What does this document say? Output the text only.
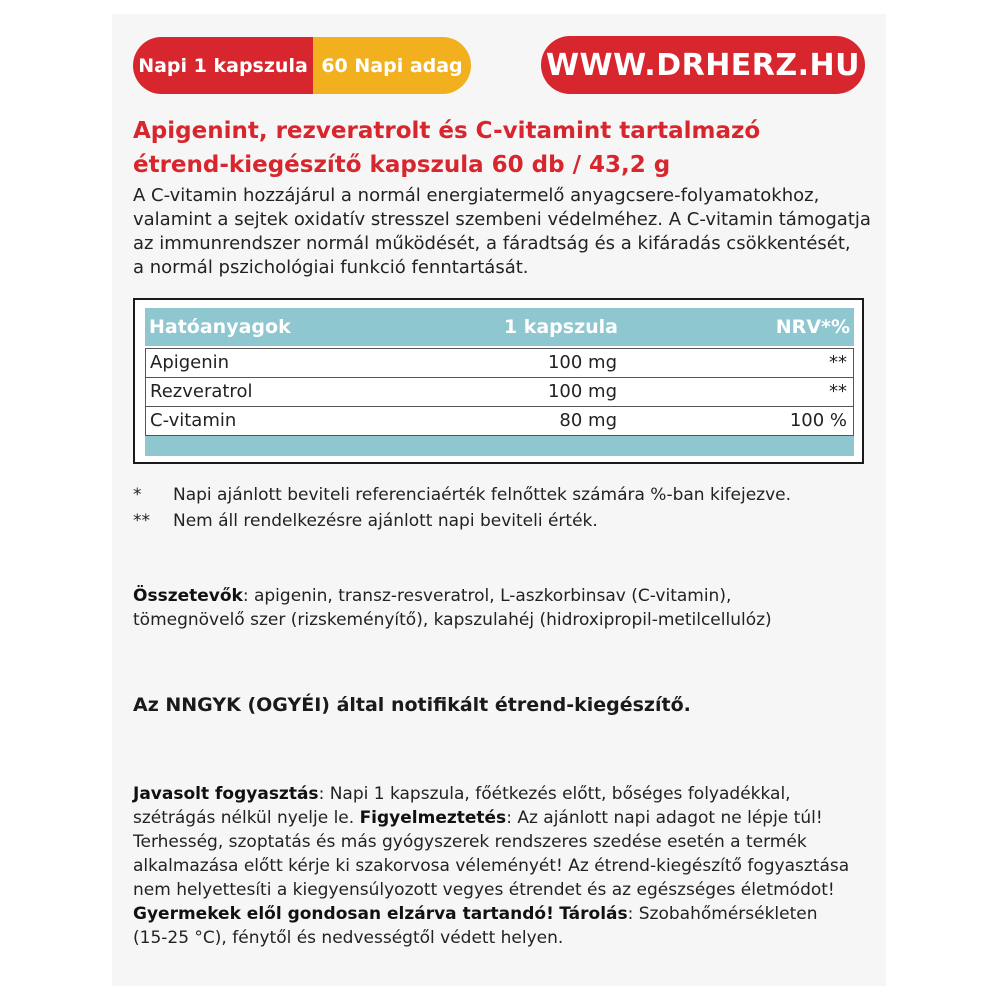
Napi 1 kapszula 60 Napi adag	WWW.DRHERZ.HU
Apigenint, rezveratrolt és C-vitamint tartalmazó
étrend-kiegészítő kapszula 60 db / 43,2 g
A C-vitamin hozzájárul a normál energiatermelő anyagcsere-folyamatokhoz,
valamint a sejtek oxidatív stresszel szembeni védelméhez. A C-vitamin támogatja
az immunrendszer normál működését, a fáradtság és a kifáradás csökkentését,
a normál pszichológiai funkció fenntartását.
Hatóanyagok	1 kapszula	NRV*%
Apigenin	100 mg	**
Rezveratrol	100 mg	**
C-vitamin	80 mg	100 %
*	Napi ajánlott beviteli referenciaérték felnőttek számára %-ban kifejezve.
**	Nem áll rendelkezésre ajánlott napi beviteli érték.
Összetevők: apigenin, transz-resveratrol, L-aszkorbinsav (C-vitamin),
tömegnövelő szer (rizskeményítő), kapszulahéj (hidroxipropil-metilcellulóz)
Az NNGYK (OGYÉI) által notifikált étrend-kiegészítő.
Javasolt fogyasztás: Napi 1 kapszula, főétkezés előtt, bőséges folyadékkal,
szétrágás nélkül nyelje le. Figyelmeztetés: Az ajánlott napi adagot ne lépje túl!
Terhesség, szoptatás és más gyógyszerek rendszeres szedése esetén a termék
alkalmazása előtt kérje ki szakorvosa véleményét! Az étrend-kiegészítő fogyasztása
nem helyettesíti a kiegyensúlyozott vegyes étrendet és az egészséges életmódot!
Gyermekek elől gondosan elzárva tartandó! Tárolás: Szobahőmérsékleten
(15-25 °C), fénytől és nedvességtől védett helyen.
